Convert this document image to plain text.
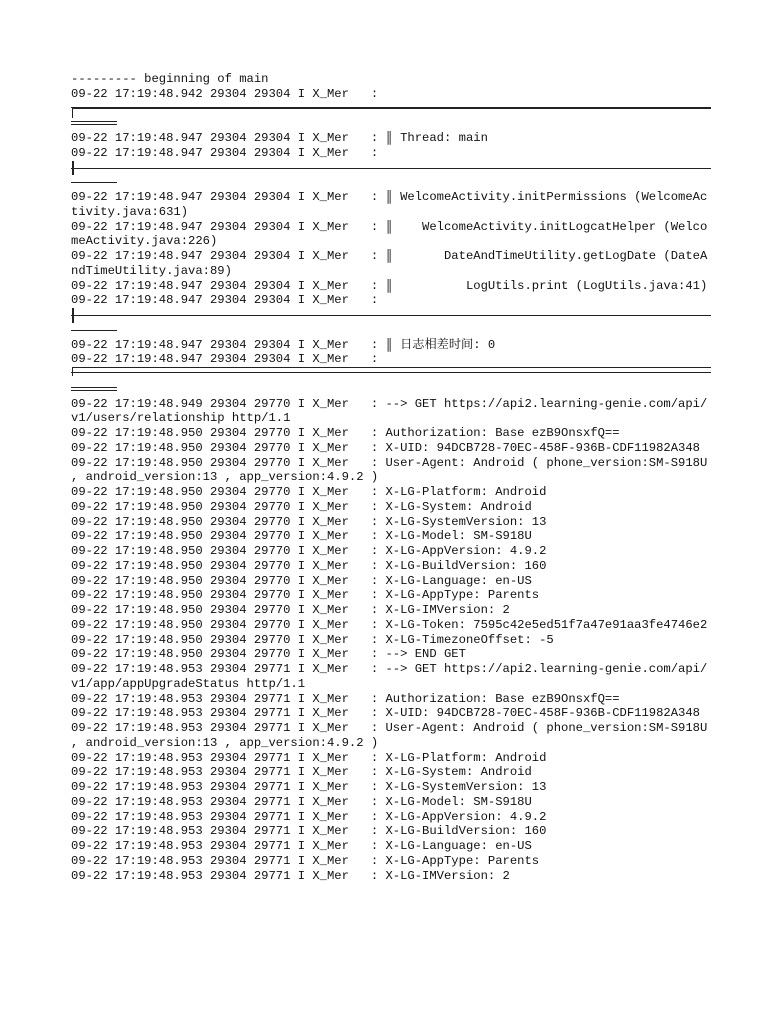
--------- beginning of main
09-22 17:19:48.942 29304 29304 I X_Mer   :
09-22 17:19:48.947 29304 29304 I X_Mer   : ║ Thread: main
09-22 17:19:48.947 29304 29304 I X_Mer   :
09-22 17:19:48.947 29304 29304 I X_Mer   : ║ WelcomeActivity.initPermissions (WelcomeActivity.java:631)
09-22 17:19:48.947 29304 29304 I X_Mer   : ║    WelcomeActivity.initLogcatHelper (WelcomeActivity.java:226)
09-22 17:19:48.947 29304 29304 I X_Mer   : ║       DateAndTimeUtility.getLogDate (DateAndTimeUtility.java:89)
09-22 17:19:48.947 29304 29304 I X_Mer   : ║          LogUtils.print (LogUtils.java:41)
09-22 17:19:48.947 29304 29304 I X_Mer   :
09-22 17:19:48.947 29304 29304 I X_Mer   : ║ 日志相差时间: 0
09-22 17:19:48.947 29304 29304 I X_Mer   :
09-22 17:19:48.949 29304 29770 I X_Mer   : --> GET https://api2.learning-genie.com/api/v1/users/relationship http/1.1
09-22 17:19:48.950 29304 29770 I X_Mer   : Authorization: Base ezB9OnsxfQ==
09-22 17:19:48.950 29304 29770 I X_Mer   : X-UID: 94DCB728-70EC-458F-936B-CDF11982A348
09-22 17:19:48.950 29304 29770 I X_Mer   : User-Agent: Android ( phone_version:SM-S918U , android_version:13 , app_version:4.9.2 )
09-22 17:19:48.950 29304 29770 I X_Mer   : X-LG-Platform: Android
09-22 17:19:48.950 29304 29770 I X_Mer   : X-LG-System: Android
09-22 17:19:48.950 29304 29770 I X_Mer   : X-LG-SystemVersion: 13
09-22 17:19:48.950 29304 29770 I X_Mer   : X-LG-Model: SM-S918U
09-22 17:19:48.950 29304 29770 I X_Mer   : X-LG-AppVersion: 4.9.2
09-22 17:19:48.950 29304 29770 I X_Mer   : X-LG-BuildVersion: 160
09-22 17:19:48.950 29304 29770 I X_Mer   : X-LG-Language: en-US
09-22 17:19:48.950 29304 29770 I X_Mer   : X-LG-AppType: Parents
09-22 17:19:48.950 29304 29770 I X_Mer   : X-LG-IMVersion: 2
09-22 17:19:48.950 29304 29770 I X_Mer   : X-LG-Token: 7595c42e5ed51f7a47e91aa3fe4746e2
09-22 17:19:48.950 29304 29770 I X_Mer   : X-LG-TimezoneOffset: -5
09-22 17:19:48.950 29304 29770 I X_Mer   : --> END GET
09-22 17:19:48.953 29304 29771 I X_Mer   : --> GET https://api2.learning-genie.com/api/v1/app/appUpgradeStatus http/1.1
09-22 17:19:48.953 29304 29771 I X_Mer   : Authorization: Base ezB9OnsxfQ==
09-22 17:19:48.953 29304 29771 I X_Mer   : X-UID: 94DCB728-70EC-458F-936B-CDF11982A348
09-22 17:19:48.953 29304 29771 I X_Mer   : User-Agent: Android ( phone_version:SM-S918U , android_version:13 , app_version:4.9.2 )
09-22 17:19:48.953 29304 29771 I X_Mer   : X-LG-Platform: Android
09-22 17:19:48.953 29304 29771 I X_Mer   : X-LG-System: Android
09-22 17:19:48.953 29304 29771 I X_Mer   : X-LG-SystemVersion: 13
09-22 17:19:48.953 29304 29771 I X_Mer   : X-LG-Model: SM-S918U
09-22 17:19:48.953 29304 29771 I X_Mer   : X-LG-AppVersion: 4.9.2
09-22 17:19:48.953 29304 29771 I X_Mer   : X-LG-BuildVersion: 160
09-22 17:19:48.953 29304 29771 I X_Mer   : X-LG-Language: en-US
09-22 17:19:48.953 29304 29771 I X_Mer   : X-LG-AppType: Parents
09-22 17:19:48.953 29304 29771 I X_Mer   : X-LG-IMVersion: 2
